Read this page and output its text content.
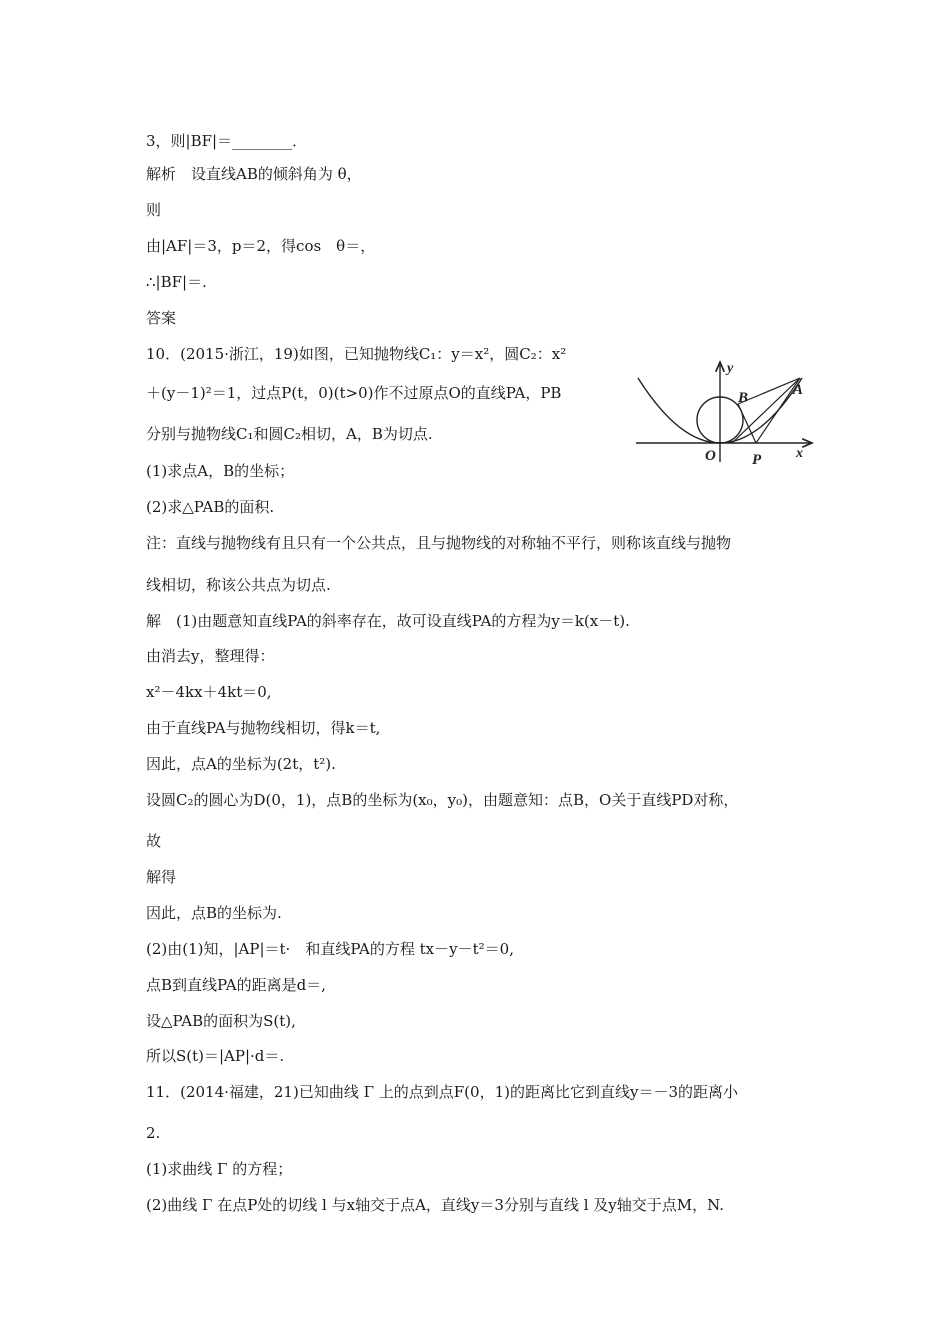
3，则|BF|＝________．
解析　设直线AB的倾斜角为 θ，
则
由|AF|＝3，p＝2，得cos　θ＝，
∴|BF|＝.
答案
10．(2015·浙江，19)如图，已知抛物线C₁：y＝x²，圆C₂：x²
＋(y－1)²＝1，过点P(t，0)(t>0)作不过原点O的直线PA，PB
分别与抛物线C₁和圆C₂相切，A，B为切点.
(1)求点A，B的坐标；
(2)求△PAB的面积.
注：直线与抛物线有且只有一个公共点，且与抛物线的对称轴不平行，则称该直线与抛物
线相切，称该公共点为切点.
解　(1)由题意知直线PA的斜率存在，故可设直线PA的方程为y＝k(x－t).
由消去y，整理得：
x²－4kx＋4kt＝0,
由于直线PA与抛物线相切，得k＝t,
因此，点A的坐标为(2t，t²).
设圆C₂的圆心为D(0，1)，点B的坐标为(x₀，y₀)，由题意知：点B，O关于直线PD对称，
故
解得
因此，点B的坐标为.
(2)由(1)知，|AP|＝t·　和直线PA的方程 tx－y－t²＝0,
点B到直线PA的距离是d＝,
设△PAB的面积为S(t),
所以S(t)＝|AP|·d＝.
11．(2014·福建，21)已知曲线 Γ 上的点到点F(0，1)的距离比它到直线y＝－3的距离小
2.
(1)求曲线 Γ 的方程；
(2)曲线 Γ 在点P处的切线 l 与x轴交于点A，直线y＝3分别与直线 l 及y轴交于点M，N.
y
x
O
A
B
P
